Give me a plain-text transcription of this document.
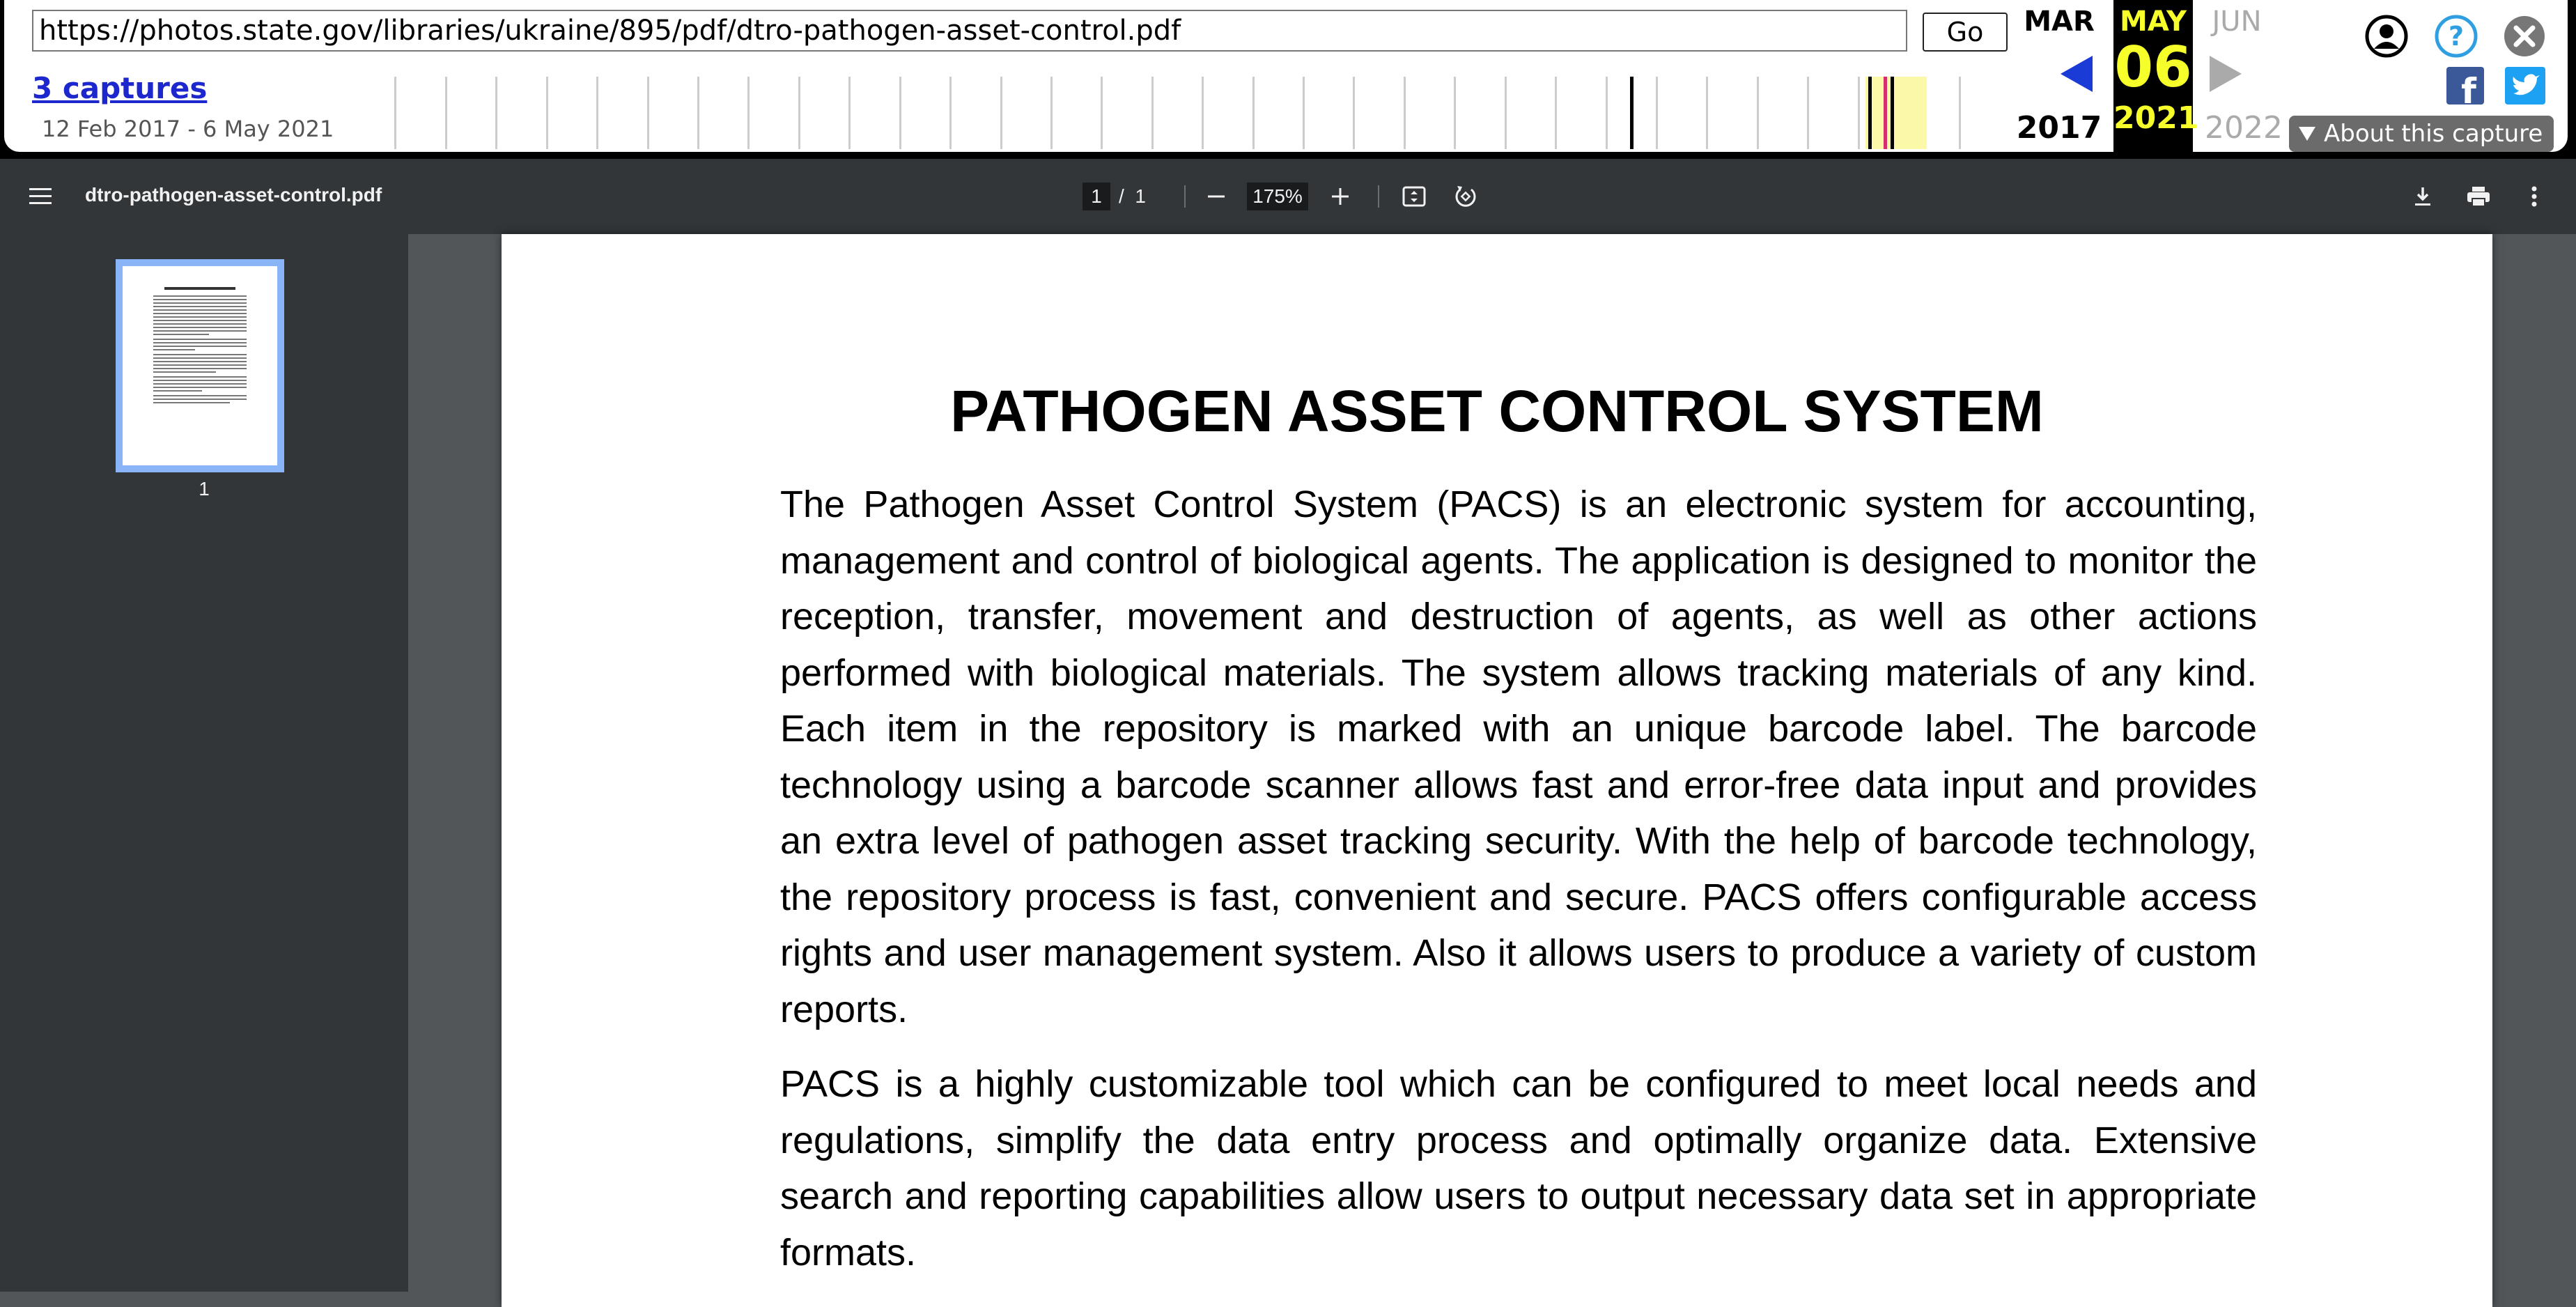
https://photos.state.gov/libraries/ukraine/895/pdf/dtro-pathogen-asset-control.pdf	Go
3 captures
12 Feb 2017 - 6 May 2021
MAR
2017
MAY
06
2021
JUN
2022
?
f
About this capture
dtro-pathogen-asset-control.pdf	1 / 1	175%
1
PATHOGEN ASSET CONTROL SYSTEM

The Pathogen Asset Control System (PACS) is an electronic system for accounting, management and control of biological agents. The application is designed to monitor the reception, transfer, movement and destruction of agents, as well as other actions performed with biological materials. The system allows tracking materials of any kind. Each item in the repository is marked with an unique barcode label. The barcode technology using a barcode scanner allows fast and error-free data input and provides an extra level of pathogen asset tracking security. With the help of barcode technology, the repository process is fast, convenient and secure. PACS offers configurable access rights and user management system. Also it allows users to produce a variety of custom reports.

PACS is a highly customizable tool which can be configured to meet local needs and regulations, simplify the data entry process and optimally organize data. Extensive search and reporting capabilities allow users to output necessary data set in appropriate formats.
